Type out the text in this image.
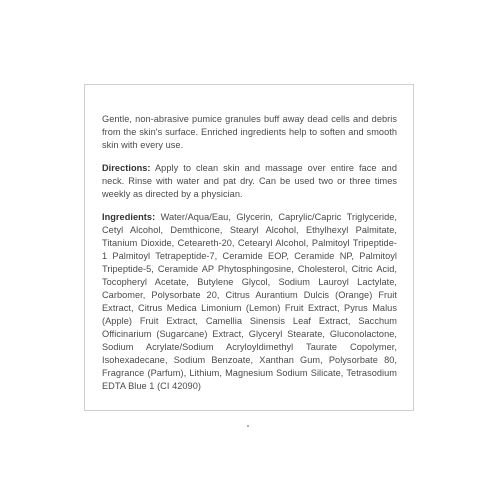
Gentle, non-abrasive pumice granules buff away dead cells and debris from the skin's surface. Enriched ingredients help to soften and smooth skin with every use.

Directions: Apply to clean skin and massage over entire face and neck. Rinse with water and pat dry. Can be used two or three times weekly as directed by a physician.

Ingredients: Water/Aqua/Eau, Glycerin, Caprylic/Capric Triglyceride, Cetyl Alcohol, Demthicone, Stearyl Alcohol, Ethylhexyl Palmitate, Titanium Dioxide, Ceteareth-20, Cetearyl Alcohol, Palmitoyl Tripeptide-1 Palmitoyl Tetrapeptide-7, Ceramide EOP, Ceramide NP, Palmitoyl Tripeptide-5, Ceramide AP Phytosphingosine, Cholesterol, Citric Acid, Tocopheryl Acetate, Butylene Glycol, Sodium Lauroyl Lactylate, Carbomer, Polysorbate 20, Citrus Aurantium Dulcis (Orange) Fruit Extract, Citrus Medica Limonium (Lemon) Fruit Extract, Pyrus Malus (Apple) Fruit Extract, Camellia Sinensis Leaf Extract, Sacchum Officinarium (Sugarcane) Extract, Glyceryl Stearate, Gluconolactone, Sodium Acrylate/Sodium Acryloyldimethyl Taurate Copolymer, Isohexadecane, Sodium Benzoate, Xanthan Gum, Polysorbate 80, Fragrance (Parfum), Lithium, Magnesium Sodium Silicate, Tetrasodium EDTA Blue 1 (CI 42090)
